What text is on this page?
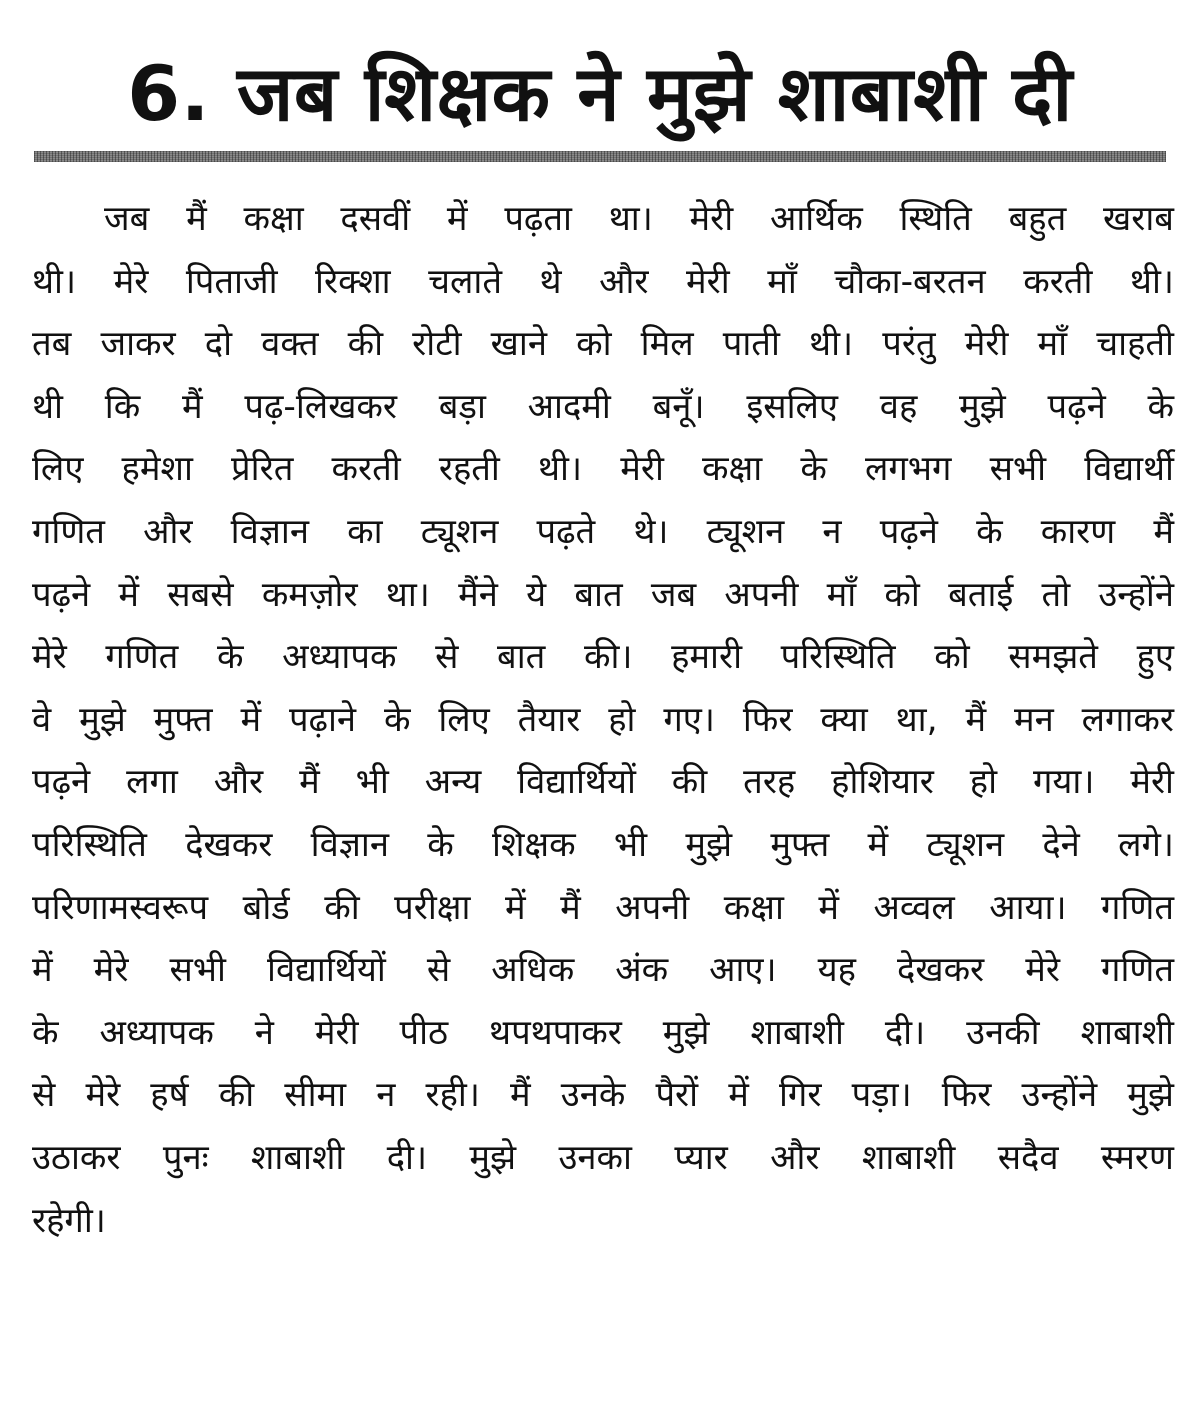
6. जब शिक्षक ने मुझे शाबाशी दी
जब मैं कक्षा दसवीं में पढ़ता था। मेरी आर्थिक स्थिति बहुत खराब
थी। मेरे पिताजी रिक्शा चलाते थे और मेरी माँ चौका-बरतन करती थी।
तब जाकर दो वक्त की रोटी खाने को मिल पाती थी। परंतु मेरी माँ चाहती
थी कि मैं पढ़-लिखकर बड़ा आदमी बनूँ। इसलिए वह मुझे पढ़ने के
लिए हमेशा प्रेरित करती रहती थी। मेरी कक्षा के लगभग सभी विद्यार्थी
गणित और विज्ञान का ट्यूशन पढ़ते थे। ट्यूशन न पढ़ने के कारण मैं
पढ़ने में सबसे कमज़ोर था। मैंने ये बात जब अपनी माँ को बताई तो उन्होंने
मेरे गणित के अध्यापक से बात की। हमारी परिस्थिति को समझते हुए
वे मुझे मुफ्त में पढ़ाने के लिए तैयार हो गए। फिर क्या था, मैं मन लगाकर
पढ़ने लगा और मैं भी अन्य विद्यार्थियों की तरह होशियार हो गया। मेरी
परिस्थिति देखकर विज्ञान के शिक्षक भी मुझे मुफ्त में ट्यूशन देने लगे।
परिणामस्वरूप बोर्ड की परीक्षा में मैं अपनी कक्षा में अव्वल आया। गणित
में मेरे सभी विद्यार्थियों से अधिक अंक आए। यह देखकर मेरे गणित
के अध्यापक ने मेरी पीठ थपथपाकर मुझे शाबाशी दी। उनकी शाबाशी
से मेरे हर्ष की सीमा न रही। मैं उनके पैरों में गिर पड़ा। फिर उन्होंने मुझे
उठाकर पुनः शाबाशी दी। मुझे उनका प्यार और शाबाशी सदैव स्मरण
रहेगी।
